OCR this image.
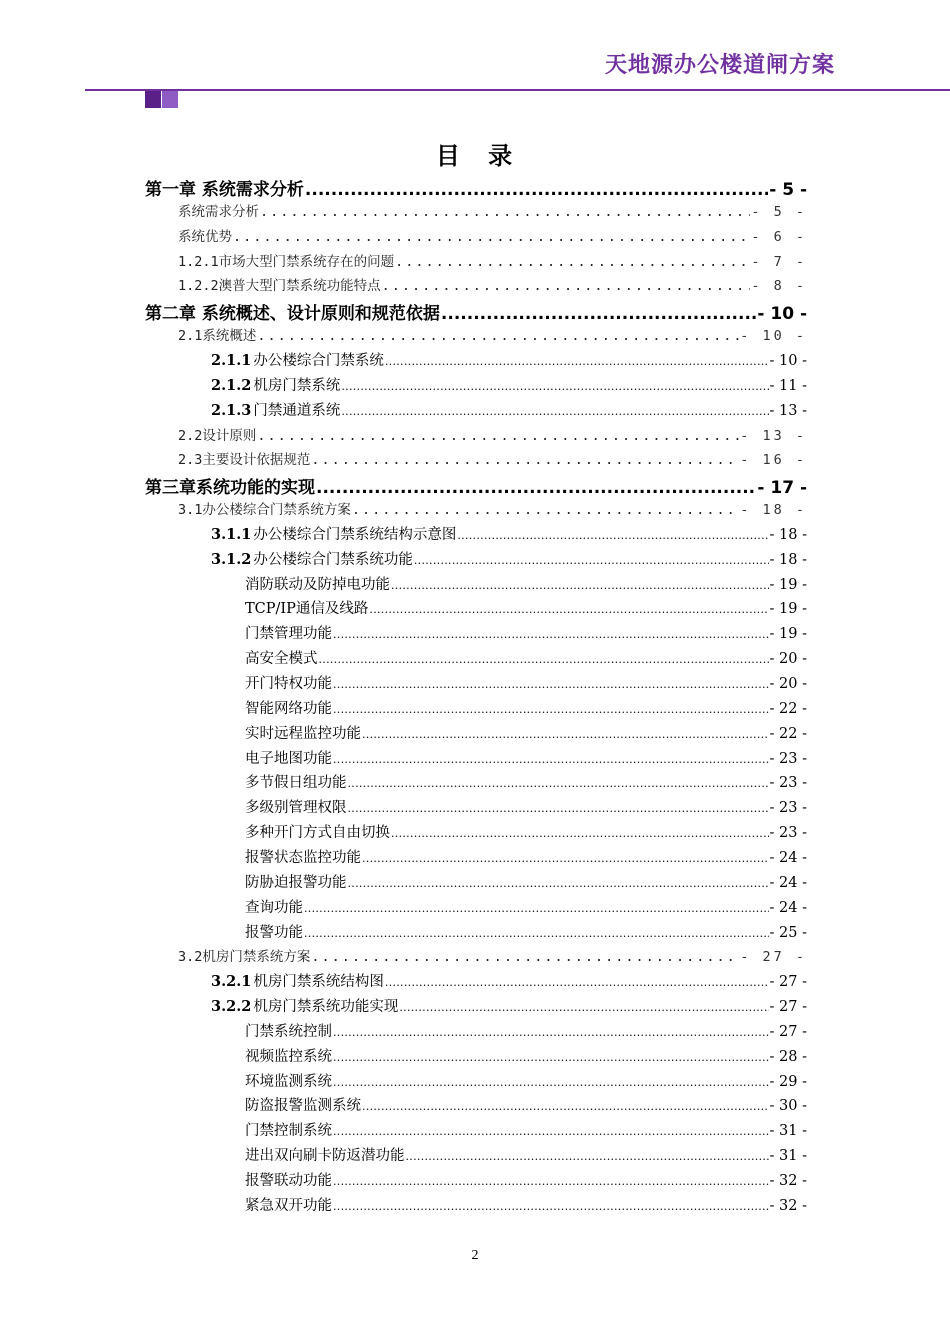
天地源办公楼道闸方案
目 录
第一章 系统需求分析 .....	- 5 -
系统需求分析 .....	- 5 -
系统优势 .....	- 6 -
1.2.1市场大型门禁系统存在的问题 .....	- 7 -
1.2.2澳普大型门禁系统功能特点 .....	- 8 -
第二章 系统概述、设计原则和规范依据 .....	- 10 -
2.1系统概述 .....	- 10 -
2.1.1 办公楼综合门禁系统 .....	- 10 -
2.1.2 机房门禁系统 .....	- 11 -
2.1.3 门禁通道系统 .....	- 13 -
2.2设计原则 .....	- 13 -
2.3主要设计依据规范 .....	- 16 -
第三章系统功能的实现 .....	- 17 -
3.1办公楼综合门禁系统方案 .....	- 18 -
3.1.1 办公楼综合门禁系统结构示意图 .....	- 18 -
3.1.2 办公楼综合门禁系统功能 .....	- 18 -
消防联动及防掉电功能 .....	- 19 -
TCP/IP通信及线路 .....	- 19 -
门禁管理功能 .....	- 19 -
高安全模式 .....	- 20 -
开门特权功能 .....	- 20 -
智能网络功能 .....	- 22 -
实时远程监控功能 .....	- 22 -
电子地图功能 .....	- 23 -
多节假日组功能 .....	- 23 -
多级别管理权限 .....	- 23 -
多种开门方式自由切换 .....	- 23 -
报警状态监控功能 .....	- 24 -
防胁迫报警功能 .....	- 24 -
查询功能 .....	- 24 -
报警功能 .....	- 25 -
3.2机房门禁系统方案 .....	- 27 -
3.2.1 机房门禁系统结构图 .....	- 27 -
3.2.2 机房门禁系统功能实现 .....	- 27 -
门禁系统控制 .....	- 27 -
视频监控系统 .....	- 28 -
环境监测系统 .....	- 29 -
防盗报警监测系统 .....	- 30 -
门禁控制系统 .....	- 31 -
进出双向刷卡防返潜功能 .....	- 31 -
报警联动功能 .....	- 32 -
紧急双开功能 .....	- 32 -
2
